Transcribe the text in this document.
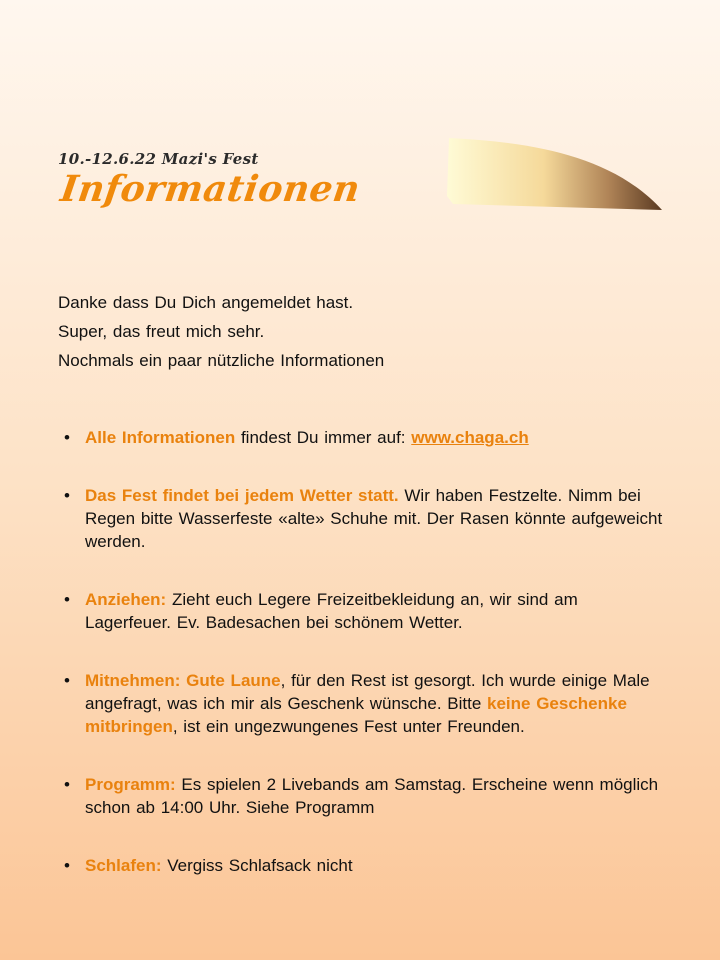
10.-12.6.22 Mazi's Fest
Informationen
Danke dass Du Dich angemeldet hast.
Super, das freut mich sehr.
Nochmals ein paar nützliche Informationen
• Alle Informationen findest Du immer auf: www.chaga.ch
• Das Fest findet bei jedem Wetter statt. Wir haben Festzelte. Nimm bei Regen bitte Wasserfeste «alte» Schuhe mit. Der Rasen könnte aufgeweicht werden.
• Anziehen: Zieht euch Legere Freizeitbekleidung an, wir sind am Lagerfeuer. Ev. Badesachen bei schönem Wetter.
• Mitnehmen: Gute Laune, für den Rest ist gesorgt. Ich wurde einige Male angefragt, was ich mir als Geschenk wünsche. Bitte keine Geschenke mitbringen, ist ein ungezwungenes Fest unter Freunden.
• Programm: Es spielen 2 Livebands am Samstag. Erscheine wenn möglich schon ab 14:00 Uhr. Siehe Programm
• Schlafen: Vergiss Schlafsack nicht
